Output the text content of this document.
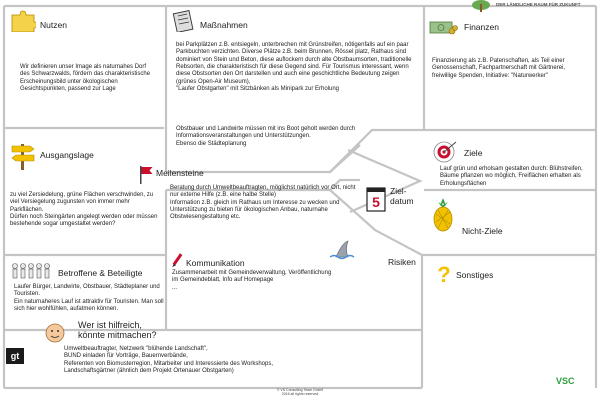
DER LÄNDLICHE RAUM FÜR ZUKUNFT
Nutzen
Wir definieren unser Image als naturnahes Dorf des Schwarzwalds, fördern das charakteristische Erscheinungsbild unter ökologischen Gesichtspunkten, passend zur Lage
Maßnahmen
bei Parkplätzen z.B. entsiegeln, unterbrechen mit Grünstreifen, nötigenfalls auf ein paar Parkbuchten verzichten. Diverse Plätze z.B. beim Brunnen, Rössel platz, Rathaus sind dominiert von Stein und Beton, diese auflockern durch alte Obstbaumsorten, traditionelle Rebsorten, die charakteristisch für diese Gegend sind. Für Tourismus interessant, wenn diese Obstsorten den Ort darstellen und auch eine geschichtliche Bedeutung zeigen (grünes Open-Air Museum),
"Laufer Obstgarten" mit Sitzbänken als Minipark zur Erholung
Obstbauer und Landwirte müssen mit ins Boot geholt werden durch Informationsveranstaltungen und Unterstützungen.
Ebenso die Städteplanung
Finanzen
Finanzierung als z.B. Patenschaften, als Teil einer Genossenschaft, Fachpartnerschaft mit Gärtnerei, freiwillige Spenden, Initiative: "Naturwerker"
Ausgangslage
zu viel Zersiedelung, grüne Flächen verschwinden, zu viel Versiegelung zugunsten von immer mehr Parkflächen.
Dürfen noch Steingärten angelegt werden oder müssen bestehende sogar umgestaltet werden?
Meilensteine
Beratung durch Umweltbeauftragten, möglichst natürlich vor Ort, nicht nur externe Hilfe (z.B. eine halbe Stelle)
Information z.B. gleich im Rathaus um Interesse zu wecken und Unterstützung zu bieten für ökologischen Anbau, naturnahe Obstwiesengestaltung etc.
5
Ziel-
datum
Ziele
Lauf grün und erholsam gestalten durch: Blühstreifen, Bäume pflanzen wo möglich, Freiflächen erhalten als Erholungsflächen
Nicht-Ziele
Risiken ? Sonstiges
Betroffene & Beteiligte
Laufer Bürger, Landwirte, Obstbauer, Städteplaner und Touristen.
Ein naturnaheres Lauf ist attraktiv für Touristen. Man soll sich hier wohlfühlen, aufatmen können.
Kommunikation
Zusammenarbeit mit Gemeindeverwaltung, Veröffentlichung im Gemeindeblatt, Info auf Homepage
...
Wer ist hilfreich,
könnte mitmachen?
Umweltbeauftragter, Netzwerk "blühende Landschaft",
BUND einladen für Vorträge, Bauernverbände,
Referenten von Biomusterregion, Mitarbeiter und Interessierte des Workshops,
Landschaftsgärtner (ähnlich dem Projekt Ortenauer Obstgarten)
gt
© VS Consulting Team GmbH
2016 all rights reserved
VSC
